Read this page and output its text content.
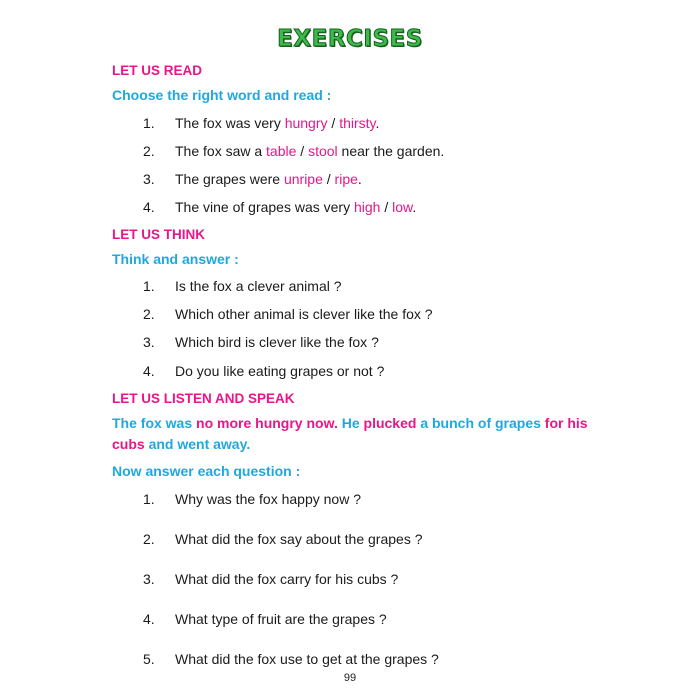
EXERCISES
LET US READ
Choose the right word and read :
1. The fox was very hungry / thirsty.
2. The fox saw a table / stool near the garden.
3. The grapes were unripe / ripe.
4. The vine of grapes was very high / low.
LET US THINK
Think and answer :
1. Is the fox a clever animal ?
2. Which other animal is clever like the fox ?
3. Which bird is clever like the fox ?
4. Do you like eating grapes or not ?
LET US LISTEN AND SPEAK
The fox was no more hungry now. He plucked a bunch of grapes for his cubs and went away.
Now answer each question :
1. Why was the fox happy now ?
2. What did the fox say about the grapes ?
3. What did the fox carry for his cubs ?
4. What type of fruit are the grapes ?
5. What did the fox use to get at the grapes ?
99
